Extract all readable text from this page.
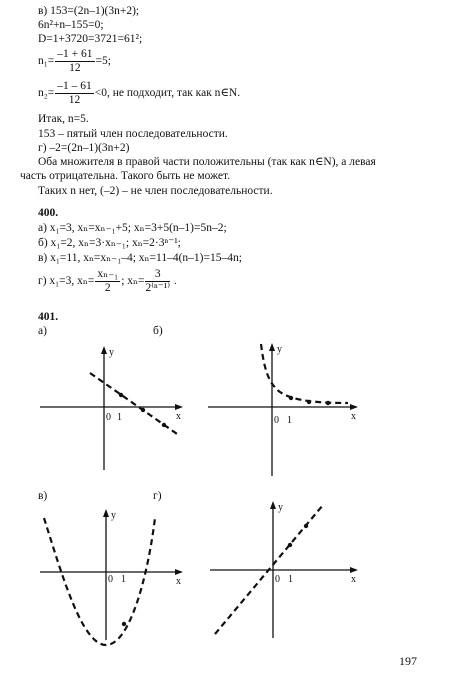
в) 153=(2n–1)(3n+2);
6n²+n–155=0;
D=1+3720=3721=61²;
$n_1= \frac{-1 + 61}{12} =5$;
$n_2= \frac{-1 - 61}{12} <0$, не подходит, так как n∈N.
Итак, n=5.
153 – пятый член последовательности.
г) –2=(2n–1)(3n+2)
Оба множителя в правой части положительны (так как n∈N), а левая
часть отрицательна. Такого быть не может.
Таких n нет, (–2) – не член последовательности.
400.
а) x₁=3, xₙ=xₙ₋₁+5; xₙ=3+5(n–1)=5n–2;
б) x₁=2, xₙ=3·xₙ₋₁; xₙ=2·3ⁿ⁻¹;
в) x₁=11, xₙ=xₙ₋₁–4; xₙ=11–4(n–1)=15–4n;
г) x₁=3, $x_n= \frac{\text{xₙ₋₁}}{2}$ ; $x_n= \frac{3}{\text{2⁽ⁿ⁻¹⁾}}$ .
401.
а)	б)
в)	г)
y
x
0 1
y
x
0 1
y
x
0 1
y
x
0 1
197
